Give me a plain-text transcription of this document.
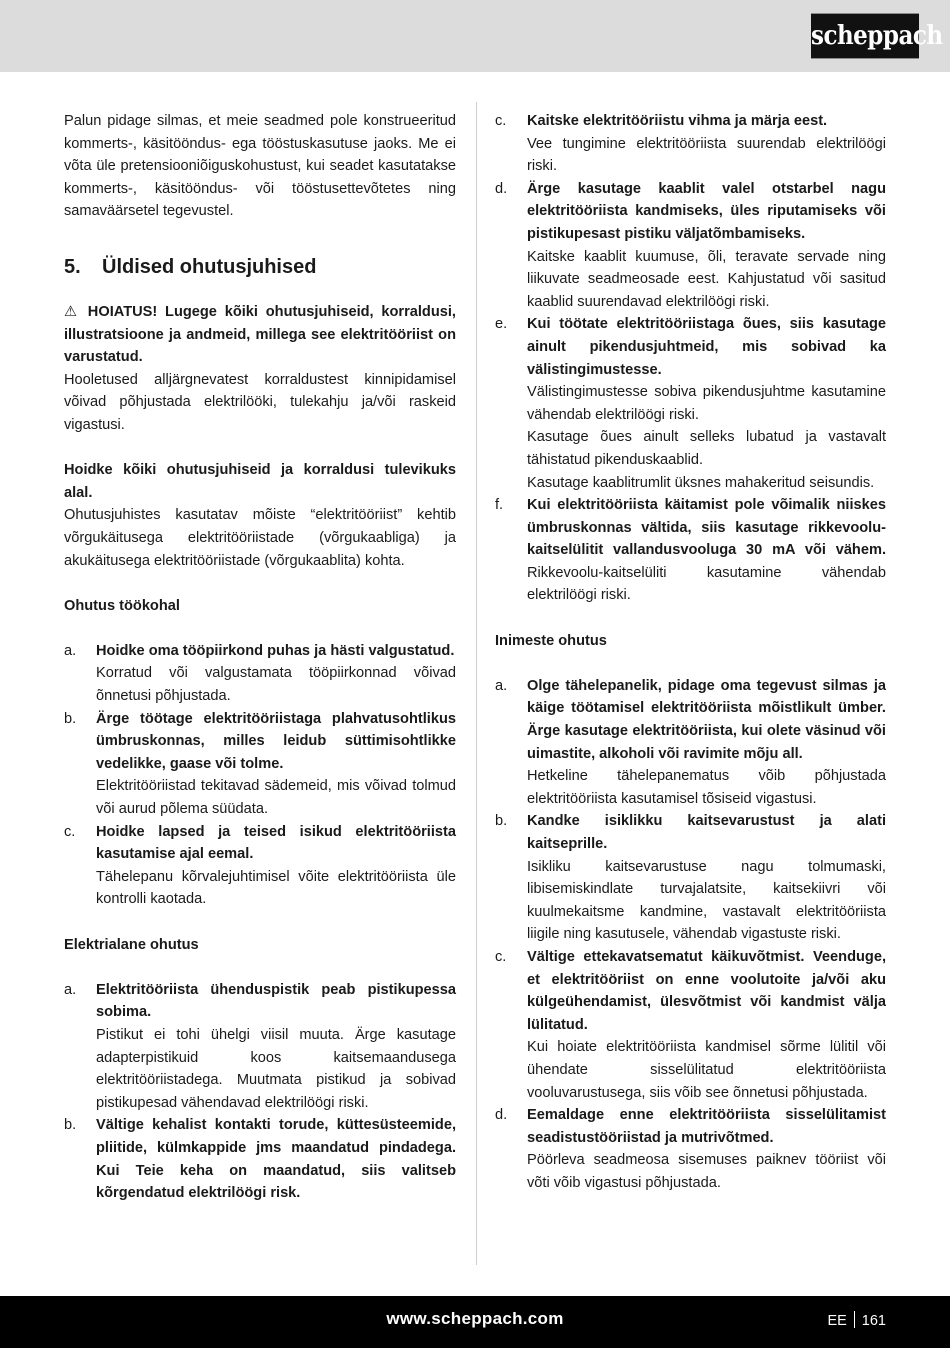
scheppach

Palun pidage silmas, et meie seadmed pole konstrueeritud kommerts-, käsitööndus- ega tööstuskasutuse jaoks. Me ei võta üle pretensiooniõiguskohustust, kui seadet kasutatakse kommerts-, käsitööndus- või tööstusettevõtetes ning samaväärsetel tegevustel.

5. Üldised ohutusjuhised

⚠ HOIATUS! Lugege kõiki ohutusjuhiseid, korraldusi, illustratsioone ja andmeid, millega see elektritööriist on varustatud.

Hooletused alljärgnevatest korraldustest kinnipidamisel võivad põhjustada elektrilööki, tulekahju ja/või raskeid vigastusi.

Hoidke kõiki ohutusjuhiseid ja korraldusi tulevikuks alal.

Ohutusjuhistes kasutatav mõiste “elektritööriist” kehtib võrgukäitusega elektritööriistade (võrgukaabliga) ja akukäitusega elektritööriistade (võrgukaablita) kohta.

Ohutus töökohal

a. Hoidke oma tööpiirkond puhas ja hästi valgustatud.

Korratud või valgustamata tööpiirkonnad võivad õnnetusi põhjustada.

b. Ärge töötage elektritööriistaga plahvatusohtlikus ümbruskonnas, milles leidub süttimisohtlikke vedelikke, gaase või tolme.

Elektritööriistad tekitavad sädemeid, mis võivad tolmud või aurud põlema süüdata.

c. Hoidke lapsed ja teised isikud elektritööriista kasutamise ajal eemal.

Tähelepanu kõrvalejuhtimisel võite elektritööriista üle kontrolli kaotada.

Elektrialane ohutus

a. Elektritööriista ühenduspistik peab pistikupessa sobima.

Pistikut ei tohi ühelgi viisil muuta. Ärge kasutage adapterpistikuid koos kaitsemaandusega elektritööriistadega. Muutmata pistikud ja sobivad pistikupesad vähendavad elektrilöögi riski.

b. Vältige kehalist kontakti torude, küttesüsteemide, pliitide, külmkappide jms maandatud pindadega. Kui Teie keha on maandatud, siis valitseb kõrgendatud elektrilöögi risk.

c. Kaitske elektritööriistu vihma ja märja eest.

Vee tungimine elektritööriista suurendab elektrilöögi riski.

d. Ärge kasutage kaablit valel otstarbel nagu elektritööriista kandmiseks, üles riputamiseks või pistikupesast pistiku väljatõmbamiseks.

Kaitske kaablit kuumuse, õli, teravate servade ning liikuvate seadmeosade eest. Kahjustatud või sasitud kaablid suurendavad elektrilöögi riski.

e. Kui töötate elektritööriistaga õues, siis kasutage ainult pikendusjuhtmeid, mis sobivad ka välistingimustesse.

Välistingimustesse sobiva pikendusjuhtme kasutamine vähendab elektrilöögi riski.

Kasutage õues ainult selleks lubatud ja vastavalt tähistatud pikenduskaablid.

Kasutage kaablitrumlit üksnes mahakeritud seisundis.

f. Kui elektritööriista käitamist pole võimalik niiskes ümbruskonnas vältida, siis kasutage rikkevoolu-kaitselülitit vallandusvooluga 30 mA või vähem. Rikkevoolu-kaitselüliti kasutamine vähendab elektrilöögi riski.

Inimeste ohutus

a. Olge tähelepanelik, pidage oma tegevust silmas ja käige töötamisel elektritööriista mõistlikult ümber. Ärge kasutage elektritööriista, kui olete väsinud või uimastite, alkoholi või ravimite mõju all.

Hetkeline tähelepanematus võib põhjustada elektritööriista kasutamisel tõsiseid vigastusi.

b. Kandke isiklikku kaitsevarustust ja alati kaitseprille.

Isikliku kaitsevarustuse nagu tolmumaski, libisemiskindlate turvajalatsite, kaitsekiivri või kuulmekaitsme kandmine, vastavalt elektritööriista liigile ning kasutusele, vähendab vigastuste riski.

c. Vältige ettekavatsematut käikuvõtmist. Veenduge, et elektritööriist on enne voolutoite ja/või aku külgeühendamist, ülesvõtmist või kandmist välja lülitatud.

Kui hoiate elektritööriista kandmisel sõrme lülitil või ühendate sisselülitatud elektritööriista vooluvarustusega, siis võib see õnnetusi põhjustada.

d. Eemaldage enne elektritööriista sisselülitamist seadistustööriistad ja mutrivõtmed.

Pöörleva seadmeosa sisemuses paiknev tööriist või võti võib vigastusi põhjustada.

www.scheppach.com	EE 161
